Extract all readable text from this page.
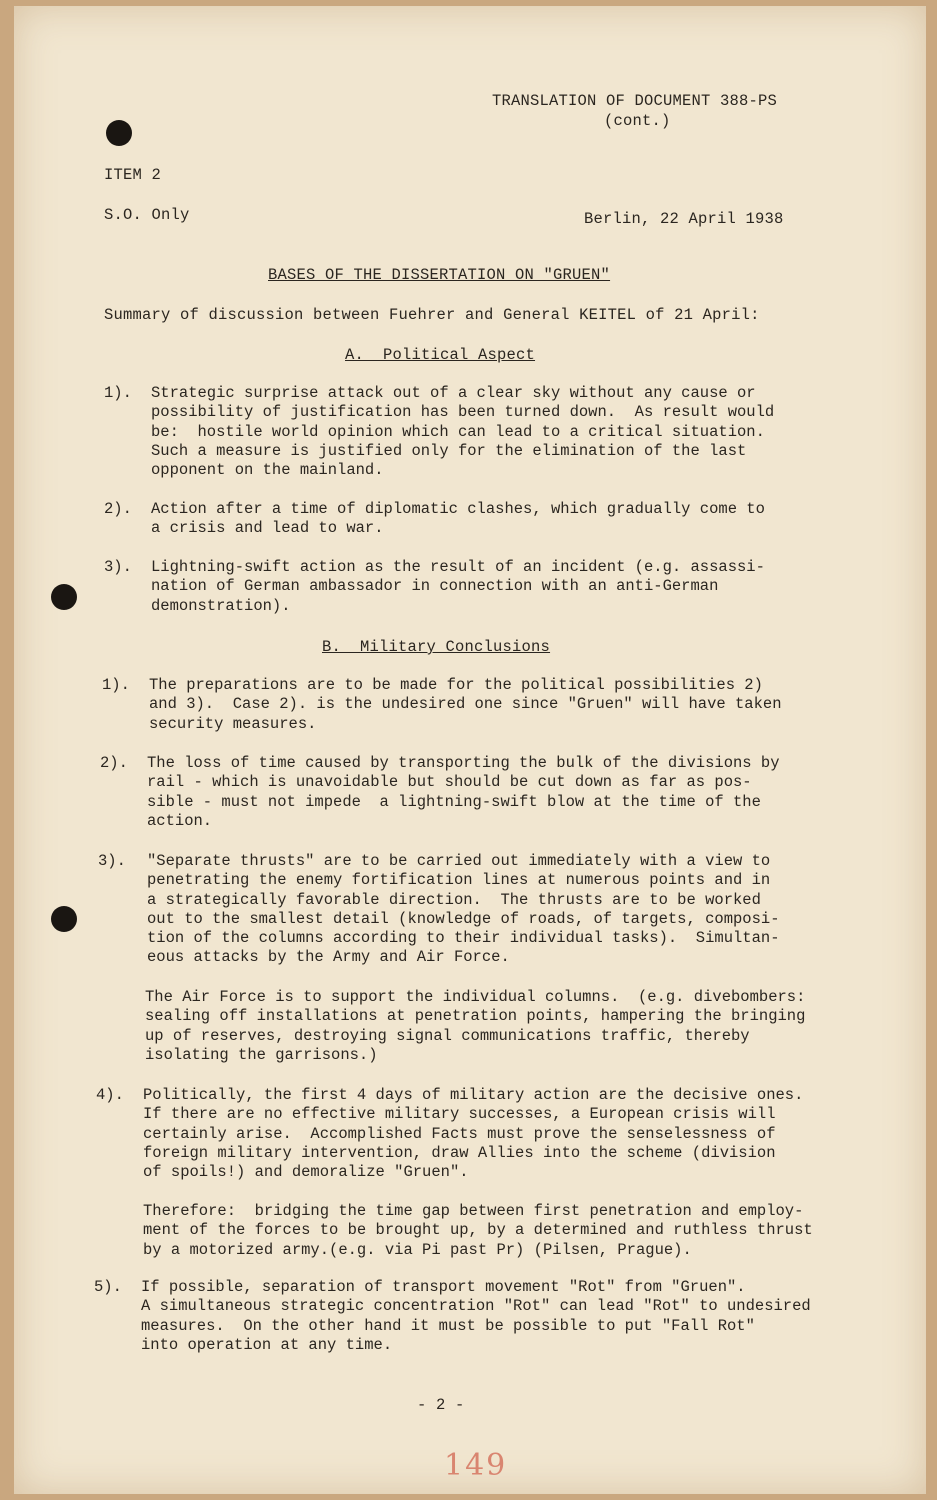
TRANSLATION OF DOCUMENT 388-PS
(cont.)
ITEM 2
S.O. Only	Berlin, 22 April 1938
BASES OF THE DISSERTATION ON "GRUEN"
Summary of discussion between Fuehrer and General KEITEL of 21 April:
A.  Political Aspect
1). Strategic surprise attack out of a clear sky without any cause or
possibility of justification has been turned down.  As result would
be:  hostile world opinion which can lead to a critical situation.
Such a measure is justified only for the elimination of the last
opponent on the mainland.
2). Action after a time of diplomatic clashes, which gradually come to
a crisis and lead to war.
3). Lightning-swift action as the result of an incident (e.g. assassi-
nation of German ambassador in connection with an anti-German
demonstration).
B.  Military Conclusions
1). The preparations are to be made for the political possibilities 2)
and 3).  Case 2). is the undesired one since "Gruen" will have taken
security measures.
2). The loss of time caused by transporting the bulk of the divisions by
rail - which is unavoidable but should be cut down as far as pos-
sible - must not impede  a lightning-swift blow at the time of the
action.
3). "Separate thrusts" are to be carried out immediately with a view to
penetrating the enemy fortification lines at numerous points and in
a strategically favorable direction.  The thrusts are to be worked
out to the smallest detail (knowledge of roads, of targets, composi-
tion of the columns according to their individual tasks).  Simultan-
eous attacks by the Army and Air Force.
The Air Force is to support the individual columns.  (e.g. divebombers:
sealing off installations at penetration points, hampering the bringing
up of reserves, destroying signal communications traffic, thereby
isolating the garrisons.)
4). Politically, the first 4 days of military action are the decisive ones.
If there are no effective military successes, a European crisis will
certainly arise.  Accomplished Facts must prove the senselessness of
foreign military intervention, draw Allies into the scheme (division
of spoils!) and demoralize "Gruen".
Therefore:  bridging the time gap between first penetration and employ-
ment of the forces to be brought up, by a determined and ruthless thrust
by a motorized army.(e.g. via Pi past Pr) (Pilsen, Prague).
5). If possible, separation of transport movement "Rot" from "Gruen".
A simultaneous strategic concentration "Rot" can lead "Rot" to undesired
measures.  On the other hand it must be possible to put "Fall Rot"
into operation at any time.
- 2 -
149
